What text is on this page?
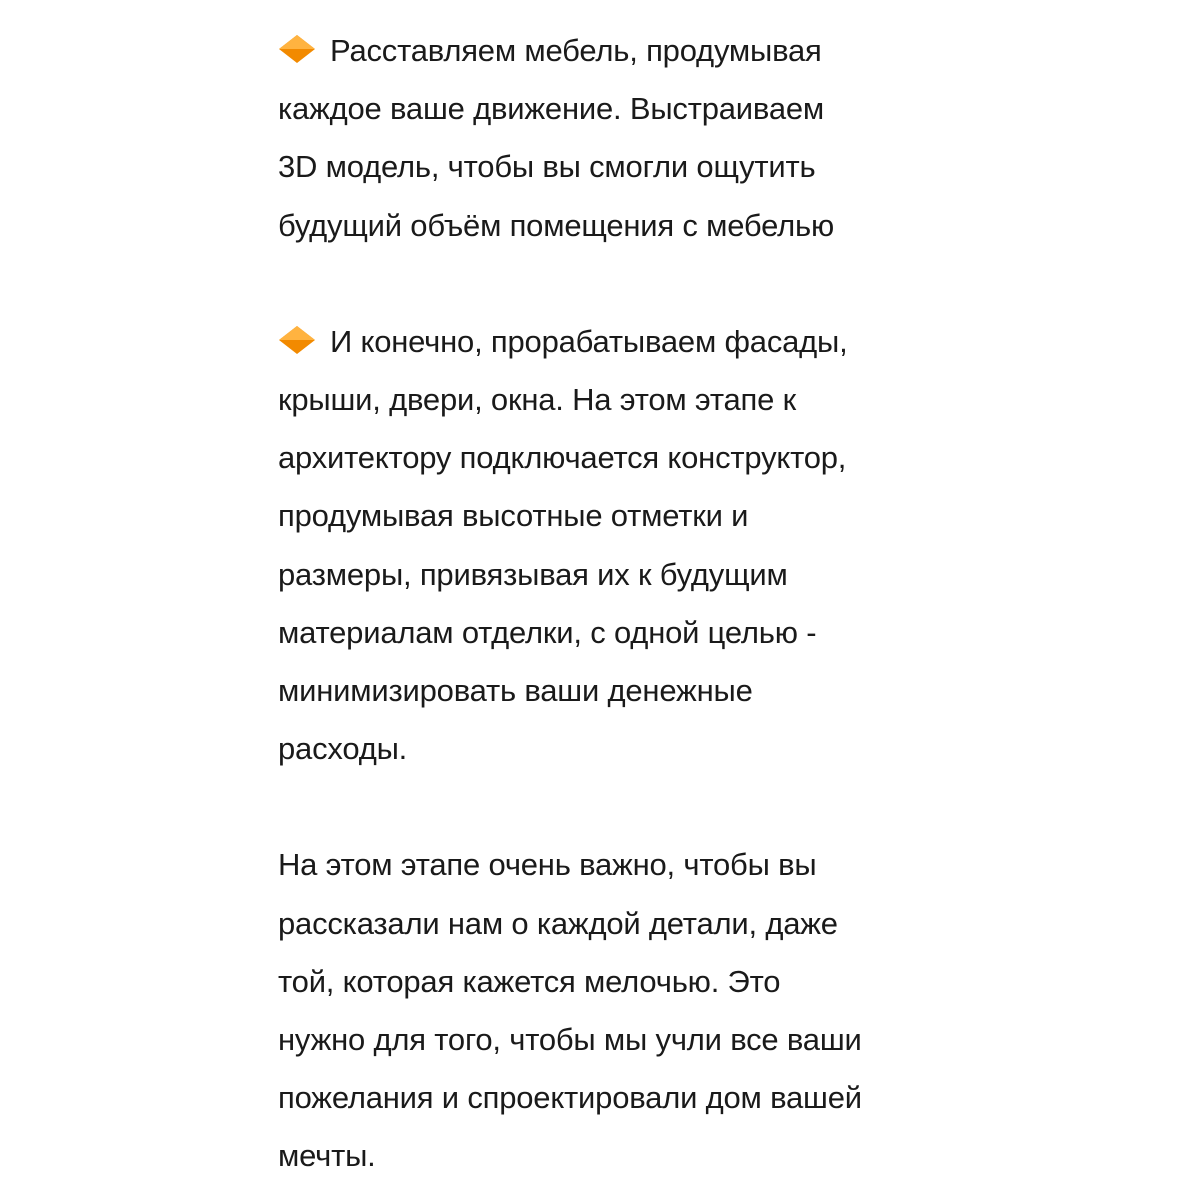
Расставляем мебель, продумывая
каждое ваше движение. Выстраиваем
3D модель, чтобы вы смогли ощутить
будущий объём помещения с мебелью

И конечно, прорабатываем фасады,
крыши, двери, окна. На этом этапе к
архитектору подключается конструктор,
продумывая высотные отметки и
размеры, привязывая их к будущим
материалам отделки, с одной целью -
минимизировать ваши денежные
расходы.

На этом этапе очень важно, чтобы вы
рассказали нам о каждой детали, даже
той, которая кажется мелочью. Это
нужно для того, чтобы мы учли все ваши
пожелания и спроектировали дом вашей
мечты.
